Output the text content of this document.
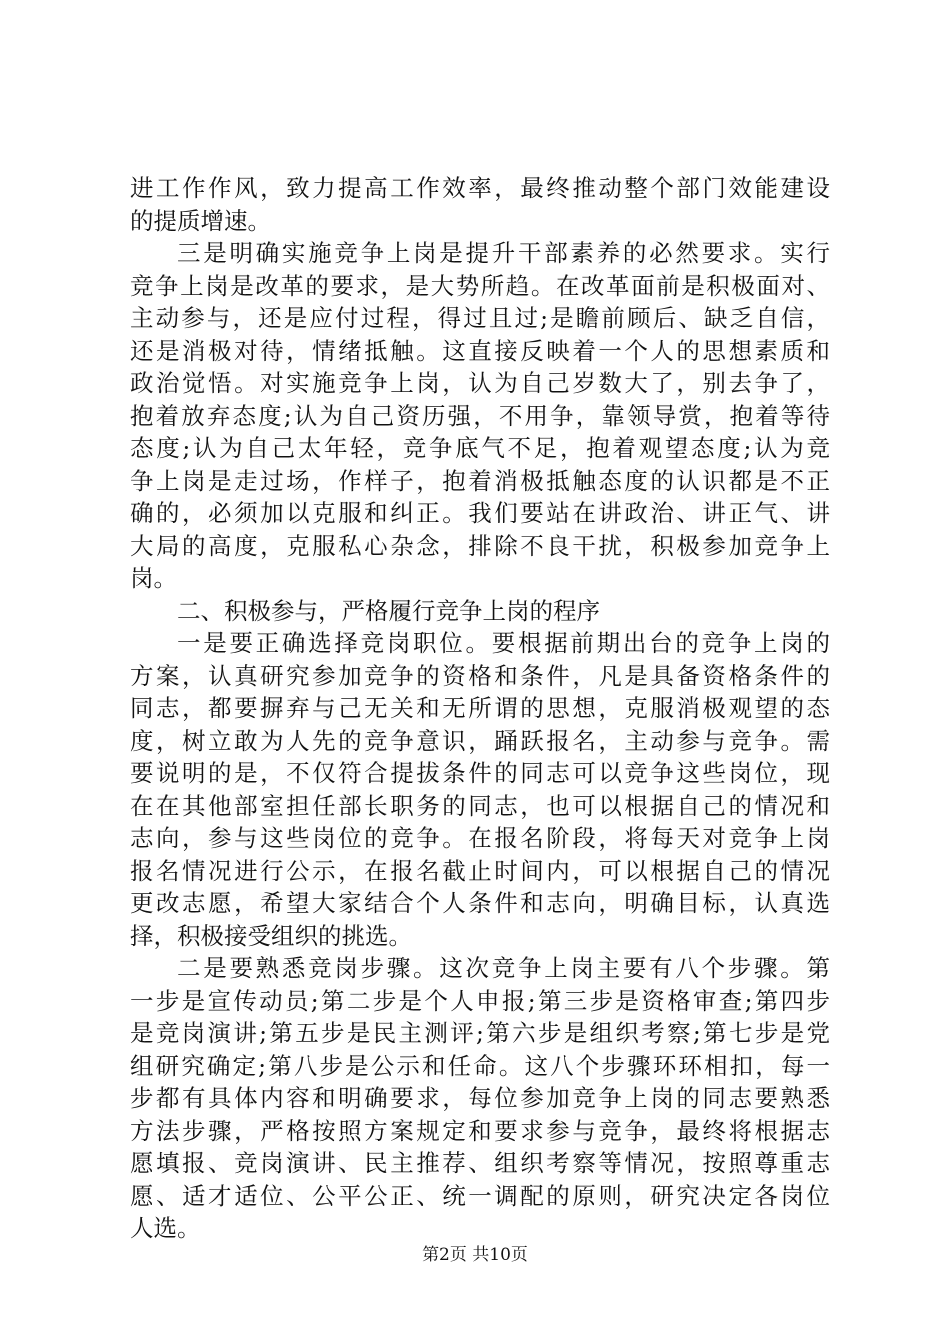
进工作作风，致力提高工作效率，最终推动整个部门效能建设
的提质增速。
三是明确实施竞争上岗是提升干部素养的必然要求。实行
竞争上岗是改革的要求，是大势所趋。在改革面前是积极面对、
主动参与，还是应付过程，得过且过;是瞻前顾后、缺乏自信，
还是消极对待，情绪抵触。这直接反映着一个人的思想素质和
政治觉悟。对实施竞争上岗，认为自己岁数大了，别去争了，
抱着放弃态度;认为自己资历强，不用争，靠领导赏，抱着等待
态度;认为自己太年轻，竞争底气不足，抱着观望态度;认为竞
争上岗是走过场，作样子，抱着消极抵触态度的认识都是不正
确的，必须加以克服和纠正。我们要站在讲政治、讲正气、讲
大局的高度，克服私心杂念，排除不良干扰，积极参加竞争上
岗。
二、积极参与，严格履行竞争上岗的程序
一是要正确选择竞岗职位。要根据前期出台的竞争上岗的
方案，认真研究参加竞争的资格和条件，凡是具备资格条件的
同志，都要摒弃与己无关和无所谓的思想，克服消极观望的态
度，树立敢为人先的竞争意识，踊跃报名，主动参与竞争。需
要说明的是，不仅符合提拔条件的同志可以竞争这些岗位，现
在在其他部室担任部长职务的同志，也可以根据自己的情况和
志向，参与这些岗位的竞争。在报名阶段，将每天对竞争上岗
报名情况进行公示，在报名截止时间内，可以根据自己的情况
更改志愿，希望大家结合个人条件和志向，明确目标，认真选
择，积极接受组织的挑选。
二是要熟悉竞岗步骤。这次竞争上岗主要有八个步骤。第
一步是宣传动员;第二步是个人申报;第三步是资格审查;第四步
是竞岗演讲;第五步是民主测评;第六步是组织考察;第七步是党
组研究确定;第八步是公示和任命。这八个步骤环环相扣，每一
步都有具体内容和明确要求，每位参加竞争上岗的同志要熟悉
方法步骤，严格按照方案规定和要求参与竞争，最终将根据志
愿填报、竞岗演讲、民主推荐、组织考察等情况，按照尊重志
愿、适才适位、公平公正、统一调配的原则，研究决定各岗位
人选。
第2页 共10页
